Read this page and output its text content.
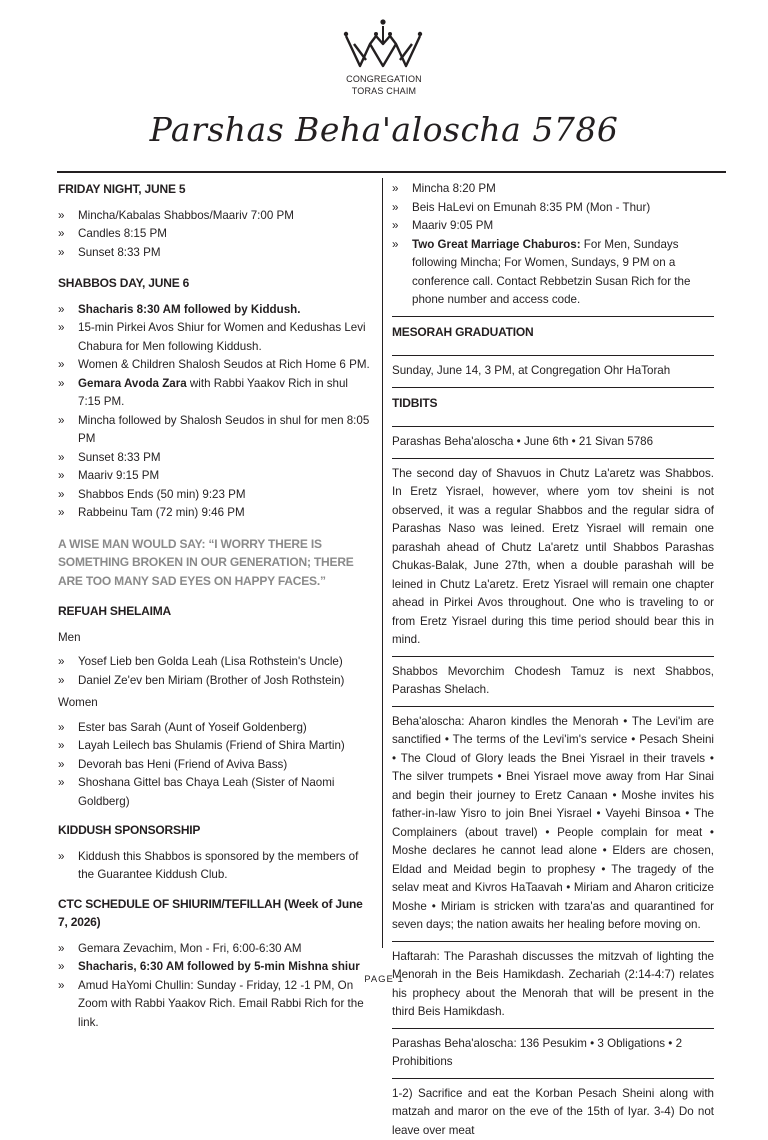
CONGREGATION
TORAS CHAIM
Parshas Beha'aloscha 5786
FRIDAY NIGHT, JUNE 5
» Mincha/Kabalas Shabbos/Maariv 7:00 PM
» Candles 8:15 PM
» Sunset 8:33 PM
SHABBOS DAY, JUNE 6
» Shacharis 8:30 AM followed by Kiddush.
» 15-min Pirkei Avos Shiur for Women and Kedushas Levi Chabura for Men following Kiddush.
» Women & Children Shalosh Seudos at Rich Home 6 PM.
» Gemara Avoda Zara with Rabbi Yaakov Rich in shul 7:15 PM.
» Mincha followed by Shalosh Seudos in shul for men 8:05 PM
» Sunset 8:33 PM
» Maariv 9:15 PM
» Shabbos Ends (50 min) 9:23 PM
» Rabbeinu Tam (72 min) 9:46 PM
A WISE MAN WOULD SAY: “I WORRY THERE IS SOMETHING BROKEN IN OUR GENERATION; THERE ARE TOO MANY SAD EYES ON HAPPY FACES.”
REFUAH SHELAIMA
Men
» Yosef Lieb ben Golda Leah (Lisa Rothstein's Uncle)
» Daniel Ze'ev ben Miriam (Brother of Josh Rothstein)
Women
» Ester bas Sarah (Aunt of Yoseif Goldenberg)
» Layah Leilech bas Shulamis (Friend of Shira Martin)
» Devorah bas Heni (Friend of Aviva Bass)
» Shoshana Gittel bas Chaya Leah (Sister of Naomi Goldberg)
KIDDUSH SPONSORSHIP
» Kiddush this Shabbos is sponsored by the members of the Guarantee Kiddush Club.
CTC SCHEDULE OF SHIURIM/TEFILLAH (Week of June 7, 2026)
» Gemara Zevachim, Mon - Fri, 6:00-6:30 AM
» Shacharis, 6:30 AM followed by 5-min Mishna shiur
» Amud HaYomi Chullin: Sunday - Friday, 12 -1 PM, On Zoom with Rabbi Yaakov Rich. Email Rabbi Rich for the link.
» Mincha 8:20 PM
» Beis HaLevi on Emunah 8:35 PM (Mon - Thur)
» Maariv 9:05 PM
» Two Great Marriage Chaburos: For Men, Sundays following Mincha; For Women, Sundays, 9 PM on a conference call. Contact Rebbetzin Susan Rich for the phone number and access code.
MESORAH GRADUATION
Sunday, June 14, 3 PM, at Congregation Ohr HaTorah
TIDBITS
Parashas Beha'aloscha • June 6th • 21 Sivan 5786
The second day of Shavuos in Chutz La'aretz was Shabbos. In Eretz Yisrael, however, where yom tov sheini is not observed, it was a regular Shabbos and the regular sidra of Parashas Naso was leined. Eretz Yisrael will remain one parashah ahead of Chutz La'aretz until Shabbos Parashas Chukas-Balak, June 27th, when a double parashah will be leined in Chutz La'aretz. Eretz Yisrael will remain one chapter ahead in Pirkei Avos throughout. One who is traveling to or from Eretz Yisrael during this time period should bear this in mind.
Shabbos Mevorchim Chodesh Tamuz is next Shabbos, Parashas Shelach.
Beha'aloscha: Aharon kindles the Menorah • The Levi'im are sanctified • The terms of the Levi'im's service • Pesach Sheini • The Cloud of Glory leads the Bnei Yisrael in their travels • The silver trumpets • Bnei Yisrael move away from Har Sinai and begin their journey to Eretz Canaan • Moshe invites his father-in-law Yisro to join Bnei Yisrael • Vayehi Binsoa • The Complainers (about travel) • People complain for meat • Moshe declares he cannot lead alone • Elders are chosen, Eldad and Meidad begin to prophesy • The tragedy of the selav meat and Kivros HaTaavah • Miriam and Aharon criticize Moshe • Miriam is stricken with tzara'as and quarantined for seven days; the nation awaits her healing before moving on.
Haftarah: The Parashah discusses the mitzvah of lighting the Menorah in the Beis Hamikdash. Zechariah (2:14-4:7) relates his prophecy about the Menorah that will be present in the third Beis Hamikdash.
Parashas Beha'aloscha: 136 Pesukim • 3 Obligations • 2 Prohibitions
1-2) Sacrifice and eat the Korban Pesach Sheini along with matzah and maror on the eve of the 15th of Iyar. 3-4) Do not leave over meat
PAGE 1
